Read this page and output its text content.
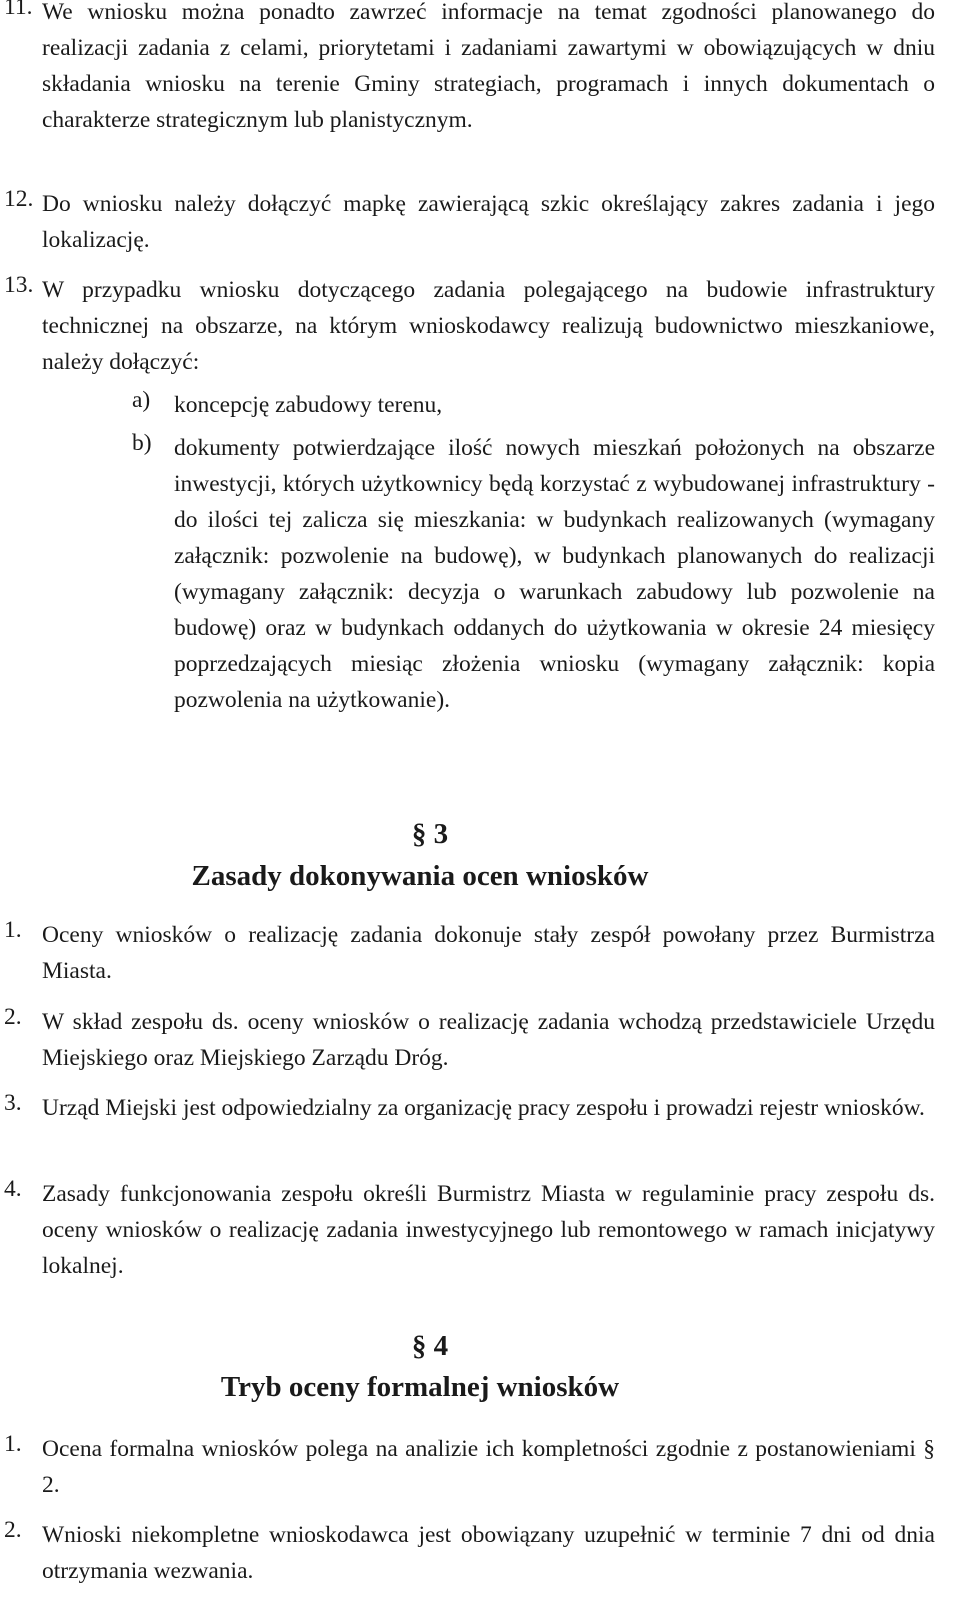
11. We wniosku można ponadto zawrzeć informacje na temat zgodności planowanego do realizacji zadania z celami, priorytetami i zadaniami zawartymi w obowiązujących w dniu składania wniosku na terenie Gminy strategiach, programach i innych dokumentach o charakterze strategicznym lub planistycznym.

12. Do wniosku należy dołączyć mapkę zawierającą szkic określający zakres zadania i jego lokalizację.

13. W przypadku wniosku dotyczącego zadania polegającego na budowie infrastruktury technicznej na obszarze, na którym wnioskodawcy realizują budownictwo mieszkaniowe, należy dołączyć:

a) koncepcję zabudowy terenu,

b) dokumenty potwierdzające ilość nowych mieszkań położonych na obszarze inwestycji, których użytkownicy będą korzystać z wybudowanej infrastruktury - do ilości tej zalicza się mieszkania: w budynkach realizowanych (wymagany załącznik: pozwolenie na budowę), w budynkach planowanych do realizacji (wymagany załącznik: decyzja o warunkach zabudowy lub pozwolenie na budowę) oraz w budynkach oddanych do użytkowania w okresie 24 miesięcy poprzedzających miesiąc złożenia wniosku (wymagany załącznik: kopia pozwolenia na użytkowanie).

§ 3
Zasady dokonywania ocen wniosków
1. Oceny wniosków o realizację zadania dokonuje stały zespół powołany przez Burmistrza Miasta.

2. W skład zespołu ds. oceny wniosków o realizację zadania wchodzą przedstawiciele Urzędu Miejskiego oraz Miejskiego Zarządu Dróg.

3. Urząd Miejski jest odpowiedzialny za organizację pracy zespołu i prowadzi rejestr wniosków.

4. Zasady funkcjonowania zespołu określi Burmistrz Miasta w regulaminie pracy zespołu ds. oceny wniosków o realizację zadania inwestycyjnego lub remontowego w ramach inicjatywy lokalnej.

§ 4
Tryb oceny formalnej wniosków
1. Ocena formalna wniosków polega na analizie ich kompletności zgodnie z postanowieniami § 2.

2. Wnioski niekompletne wnioskodawca jest obowiązany uzupełnić w terminie 7 dni od dnia otrzymania wezwania.
